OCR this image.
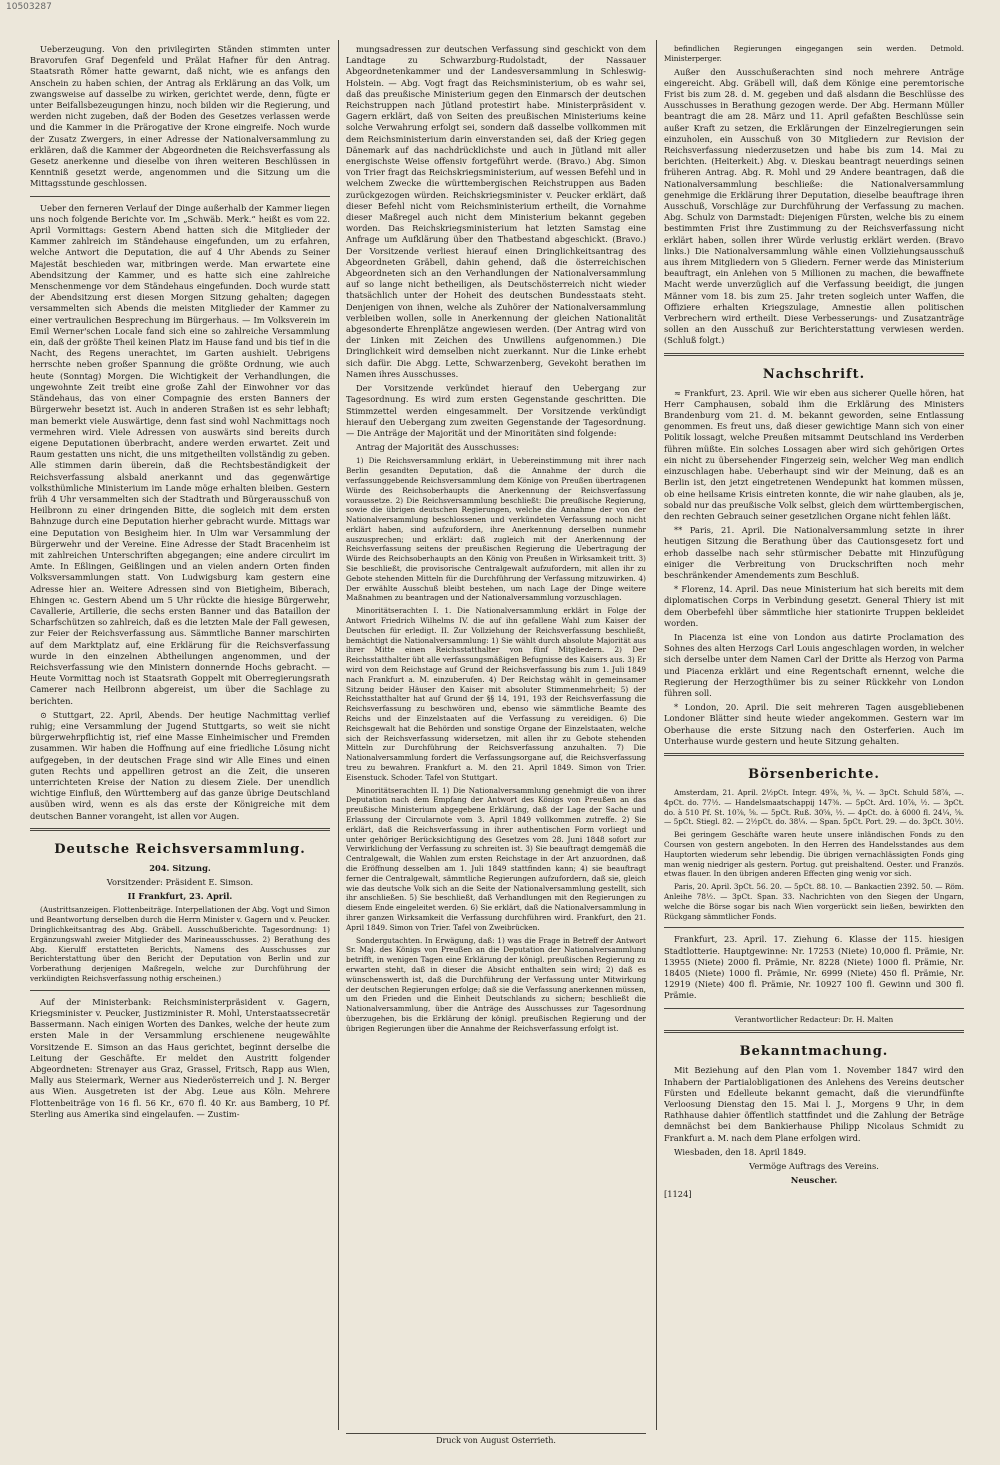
10503287

Ueberzeugung. Von den privilegirten Ständen stimmten unter Bravorufen Graf Degenfeld und Prälat Hafner für den Antrag. Staatsrath Römer hatte gewarnt, daß nicht, wie es anfangs den Anschein zu haben schien, der Antrag als Erklärung an das Volk, um zwangsweise auf dasselbe zu wirken, gerichtet werde, denn, fügte er unter Beifallsbezeugungen hinzu, noch bilden wir die Regierung, und werden nicht zugeben, daß der Boden des Gesetzes verlassen werde und die Kammer in die Prärogative der Krone eingreife. Noch wurde der Zusatz Zwergers, in einer Adresse der Nationalversammlung zu erklären, daß die Kammer der Abgeordneten die Reichsverfassung als Gesetz anerkenne und dieselbe von ihren weiteren Beschlüssen in Kenntniß gesetzt werde, angenommen und die Sitzung um die Mittagsstunde geschlossen.

Ueber den ferneren Verlauf der Dinge außerhalb der Kammer liegen uns noch folgende Berichte vor. Im „Schwäb. Merk.“ heißt es vom 22. April Vormittags: Gestern Abend hatten sich die Mitglieder der Kammer zahlreich im Ständehause eingefunden, um zu erfahren, welche Antwort die Deputation, die auf 4 Uhr Abends zu Seiner Majestät beschieden war, mitbringen werde. Man erwartete eine Abendsitzung der Kammer, und es hatte sich eine zahlreiche Menschenmenge vor dem Ständehaus eingefunden. Doch wurde statt der Abendsitzung erst diesen Morgen Sitzung gehalten; dagegen versammelten sich Abends die meisten Mitglieder der Kammer zu einer vertraulichen Besprechung im Bürgerhaus. — Im Volksverein im Emil Werner'schen Locale fand sich eine so zahlreiche Versammlung ein, daß der größte Theil keinen Platz im Hause fand und bis tief in die Nacht, des Regens unerachtet, im Garten aushielt. Uebrigens herrschte neben großer Spannung die größte Ordnung, wie auch heute (Sonntag) Morgen. Die Wichtigkeit der Verhandlungen, die ungewohnte Zeit treibt eine große Zahl der Einwohner vor das Ständehaus, das von einer Compagnie des ersten Banners der Bürgerwehr besetzt ist. Auch in anderen Straßen ist es sehr lebhaft; man bemerkt viele Auswärtige, denn fast sind wohl Nachmittags noch vermehren wird. Viele Adressen von auswärts sind bereits durch eigene Deputationen überbracht, andere werden erwartet. Zeit und Raum gestatten uns nicht, die uns mitgetheilten vollständig zu geben. Alle stimmen darin überein, daß die Rechtsbeständigkeit der Reichsverfassung alsbald anerkannt und das gegenwärtige volksthümliche Ministerium im Lande möge erhalten bleiben. Gestern früh 4 Uhr versammelten sich der Stadtrath und Bürgerausschuß von Heilbronn zu einer dringenden Bitte, die sogleich mit dem ersten Bahnzuge durch eine Deputation hierher gebracht wurde. Mittags war eine Deputation von Besigheim hier. In Ulm war Versammlung der Bürgerwehr und der Vereine. Eine Adresse der Stadt Bracenheim ist mit zahlreichen Unterschriften abgegangen; eine andere circulirt im Amte. In Eßlingen, Geißlingen und an vielen andern Orten finden Volksversammlungen statt. Von Ludwigsburg kam gestern eine Adresse hier an. Weitere Adressen sind von Bietigheim, Biberach, Ehingen ꝛc. Gestern Abend um 5 Uhr rückte die hiesige Bürgerwehr, Cavallerie, Artillerie, die sechs ersten Banner und das Bataillon der Scharfschützen so zahlreich, daß es die letzten Male der Fall gewesen, zur Feier der Reichsverfassung aus. Sämmtliche Banner marschirten auf dem Marktplatz auf, eine Erklärung für die Reichsverfassung wurde in den einzelnen Abtheilungen angenommen, und der Reichsverfassung wie den Ministern donnernde Hochs gebracht. — Heute Vormittag noch ist Staatsrath Goppelt mit Oberregierungsrath Camerer nach Heilbronn abgereist, um über die Sachlage zu berichten.

⊙ Stuttgart, 22. April, Abends. Der heutige Nachmittag verlief ruhig; eine Versammlung der Jugend Stuttgarts, so weit sie nicht bürgerwehrpflichtig ist, rief eine Masse Einheimischer und Fremden zusammen. Wir haben die Hoffnung auf eine friedliche Lösung nicht aufgegeben, in der deutschen Frage sind wir Alle Eines und einen guten Rechts und appelliren getrost an die Zeit, die unseren unterrichteten Kreise der Nation zu diesem Ziele. Der unendlich wichtige Einfluß, den Württemberg auf das ganze übrige Deutschland ausüben wird, wenn es als das erste der Königreiche mit dem deutschen Banner vorangeht, ist allen vor Augen.

Deutsche Reichsversammlung.

204. Sitzung.

Vorsitzender: Präsident E. Simson.

II Frankfurt, 23. April.

(Austrittsanzeigen. Flottenbeiträge. Interpellationen der Abg. Vogt und Simon und Beantwortung derselben durch die Herrn Minister v. Gagern und v. Peucker. Dringlichkeitsantrag des Abg. Gräbell. Ausschußberichte. Tagesordnung: 1) Ergänzungswahl zweier Mitglieder des Marineausschusses. 2) Berathung des Abg. Kierulff erstatteten Berichts, Namens des Ausschusses zur Berichterstattung über den Bericht der Deputation von Berlin und zur Vorberathung derjenigen Maßregeln, welche zur Durchführung der verkündigten Reichsverfassung nothig erscheinen.)

Auf der Ministerbank: Reichsministerpräsident v. Gagern, Kriegsminister v. Peucker, Justizminister R. Mohl, Unterstaatssecretär Bassermann. Nach einigen Worten des Dankes, welche der heute zum ersten Male in der Versammlung erschienene neugewählte Vorsitzende E. Simson an das Haus gerichtet, beginnt derselbe die Leitung der Geschäfte. Er meldet den Austritt folgender Abgeordneten: Strenayer aus Graz, Grassel, Fritsch, Rapp aus Wien, Mally aus Steiermark, Werner aus Niederösterreich und J. N. Berger aus Wien. Ausgetreten ist der Abg. Leue aus Köln. Mehrere Flottenbeiträge von 16 fl. 56 Kr., 670 fl. 40 Kr. aus Bamberg, 10 Pf. Sterling aus Amerika sind eingelaufen. — Zustim-

mungsadressen zur deutschen Verfassung sind geschickt von dem Landtage zu Schwarzburg-Rudolstadt, der Nassauer Abgeordnetenkammer und der Landesversammlung in Schleswig-Holstein. — Abg. Vogt fragt das Reichsministerium, ob es wahr sei, daß das preußische Ministerium gegen den Einmarsch der deutschen Reichstruppen nach Jütland protestirt habe. Ministerpräsident v. Gagern erklärt, daß von Seiten des preußischen Ministeriums keine solche Verwahrung erfolgt sei, sondern daß dasselbe vollkommen mit dem Reichsministerium darin einverstanden sei, daß der Krieg gegen Dänemark auf das nachdrücklichste und auch in Jütland mit aller energischste Weise offensiv fortgeführt werde. (Bravo.) Abg. Simon von Trier fragt das Reichskriegsministerium, auf wessen Befehl und in welchem Zwecke die württembergischen Reichstruppen aus Baden zurückgezogen würden. Reichskriegsminister v. Peucker erklärt, daß dieser Befehl nicht vom Reichsministerium ertheilt, die Vornahme dieser Maßregel auch nicht dem Ministerium bekannt gegeben worden. Das Reichskriegsministerium hat letzten Samstag eine Anfrage um Aufklärung über den Thatbestand abgeschickt. (Bravo.) Der Vorsitzende verliest hierauf einen Dringlichkeitsantrag des Abgeordneten Gräbell, dahin gehend, daß die österreichischen Abgeordneten sich an den Verhandlungen der Nationalversammlung auf so lange nicht betheiligen, als Deutschösterreich nicht wieder thatsächlich unter der Hoheit des deutschen Bundesstaats steht. Denjenigen von ihnen, welche als Zuhörer der Nationalversammlung verbleiben wollen, solle in Anerkennung der gleichen Nationalität abgesonderte Ehrenplätze angewiesen werden. (Der Antrag wird von der Linken mit Zeichen des Unwillens aufgenommen.) Die Dringlichkeit wird demselben nicht zuerkannt. Nur die Linke erhebt sich dafür. Die Abgg. Lette, Schwarzenberg, Gevekoht berathen im Namen ihres Ausschusses.

Der Vorsitzende verkündet hierauf den Uebergang zur Tagesordnung. Es wird zum ersten Gegenstande geschritten. Die Stimmzettel werden eingesammelt. Der Vorsitzende verkündigt hierauf den Uebergang zum zweiten Gegenstande der Tagesordnung. — Die Anträge der Majorität und der Minoritäten sind folgende:

Antrag der Majorität des Ausschusses:

1) Die Reichsversammlung erklärt, in Uebereinstimmung mit ihrer nach Berlin gesandten Deputation, daß die Annahme der durch die verfassunggebende Reichsversammlung dem Könige von Preußen übertragenen Würde des Reichsoberhaupts die Anerkennung der Reichsverfassung voraussetze. 2) Die Reichsversammlung beschließt: Die preußische Regierung, sowie die übrigen deutschen Regierungen, welche die Annahme der von der Nationalversammlung beschlossenen und verkündeten Verfassung noch nicht erklärt haben, sind aufzufordern, ihre Anerkennung derselben nunmehr auszusprechen; und erklärt: daß zugleich mit der Anerkennung der Reichsverfassung seitens der preußischen Regierung die Uebertragung der Würde des Reichsoberhaupts an den König von Preußen in Wirksamkeit tritt. 3) Sie beschließt, die provisorische Centralgewalt aufzufordern, mit allen ihr zu Gebote stehenden Mitteln für die Durchführung der Verfassung mitzuwirken. 4) Der erwählte Ausschuß bleibt bestehen, um nach Lage der Dinge weitere Maßnahmen zu beantragen und der Nationalversammlung vorzuschlagen.

Minoritätserachten I. 1. Die Nationalversammlung erklärt in Folge der Antwort Friedrich Wilhelms IV. die auf ihn gefallene Wahl zum Kaiser der Deutschen für erledigt. II. Zur Vollziehung der Reichsverfassung beschließt, bemächtigt die Nationalversammlung: 1) Sie wählt durch absolute Majorität aus ihrer Mitte einen Reichsstatthalter von fünf Mitgliedern. 2) Der Reichsstatthalter übt alle verfassungsmäßigen Befugnisse des Kaisers aus. 3) Er wird von dem Reichstage auf Grund der Reichsverfassung bis zum 1. Juli 1849 nach Frankfurt a. M. einzuberufen. 4) Der Reichstag wählt in gemeinsamer Sitzung beider Häuser den Kaiser mit absoluter Stimmenmehrheit; 5) der Reichsstatthalter hat auf Grund der §§ 14, 191, 193 der Reichsverfassung die Reichsverfassung zu beschwören und, ebenso wie sämmtliche Beamte des Reichs und der Einzelstaaten auf die Verfassung zu vereidigen. 6) Die Reichsgewalt hat die Behörden und sonstige Organe der Einzelstaaten, welche sich der Reichsverfassung widersetzen, mit allen ihr zu Gebote stehenden Mitteln zur Durchführung der Reichsverfassung anzuhalten. 7) Die Nationalversammlung fordert die Verfassungsorgane auf, die Reichsverfassung treu zu bewahren. Frankfurt a. M. den 21. April 1849. Simon von Trier. Eisenstuck. Schoder. Tafel von Stuttgart.

Minoritätserachten II. 1) Die Nationalversammlung genehmigt die von ihrer Deputation nach dem Empfang der Antwort des Königs von Preußen an das preußische Ministerium abgegebene Erklärung, daß der Lage der Sache und Erlassung der Circularnote vom 3. April 1849 vollkommen zutreffe. 2) Sie erklärt, daß die Reichsverfassung in ihrer authentischen Form vorliegt und unter gehöriger Berücksichtigung des Gesetzes vom 28. Juni 1848 sofort zur Verwirklichung der Verfassung zu schreiten ist. 3) Sie beauftragt demgemäß die Centralgewalt, die Wahlen zum ersten Reichstage in der Art anzuordnen, daß die Eröffnung desselben am 1. Juli 1849 stattfinden kann; 4) sie beauftragt ferner die Centralgewalt, sämmtliche Regierungen aufzufordern, daß sie, gleich wie das deutsche Volk sich an die Seite der Nationalversammlung gestellt, sich ihr anschließen. 5) Sie beschließt, daß Verhandlungen mit den Regierungen zu diesem Ende eingeleitet werden. 6) Sie erklärt, daß die Nationalversammlung in ihrer ganzen Wirksamkeit die Verfassung durchführen wird. Frankfurt, den 21. April 1849. Simon von Trier. Tafel von Zweibrücken.

Sondergutachten. In Erwägung, daß: 1) was die Frage in Betreff der Antwort Sr. Maj. des Königs von Preußen an die Deputation der Nationalversammlung betrifft, in wenigen Tagen eine Erklärung der königl. preußischen Regierung zu erwarten steht, daß in dieser die Absicht enthalten sein wird; 2) daß es wünschenswerth ist, daß die Durchführung der Verfassung unter Mitwirkung der deutschen Regierungen erfolge; daß sie die Verfassung anerkennen müssen, um den Frieden und die Einheit Deutschlands zu sichern; beschließt die Nationalversammlung, über die Anträge des Ausschusses zur Tagesordnung überzugehen, bis die Erklärung der königl. preußischen Regierung und der übrigen Regierungen über die Annahme der Reichsverfassung erfolgt ist.

befindlichen Regierungen eingegangen sein werden. Detmold. Ministerperger.

Außer den Ausschußerachten sind noch mehrere Anträge eingereicht. Abg. Gräbell will, daß dem Könige eine peremtorische Frist bis zum 28. d. M. gegeben und daß alsdann die Beschlüsse des Ausschusses in Berathung gezogen werde. Der Abg. Hermann Müller beantragt die am 28. März und 11. April gefaßten Beschlüsse sein außer Kraft zu setzen, die Erklärungen der Einzelregierungen sein einzuholen, ein Ausschuß von 30 Mitgliedern zur Revision der Reichsverfassung niederzusetzen und habe bis zum 14. Mai zu berichten. (Heiterkeit.) Abg. v. Dieskau beantragt neuerdings seinen früheren Antrag. Abg. R. Mohl und 29 Andere beantragen, daß die Nationalversammlung beschließe: die Nationalversammlung genehmige die Erklärung ihrer Deputation, dieselbe beauftrage ihren Ausschuß, Vorschläge zur Durchführung der Verfassung zu machen. Abg. Schulz von Darmstadt: Diejenigen Fürsten, welche bis zu einem bestimmten Frist ihre Zustimmung zu der Reichsverfassung nicht erklärt haben, sollen ihrer Würde verlustig erklärt werden. (Bravo links.) Die Nationalversammlung wähle einen Vollziehungsausschuß aus ihrem Mitgliedern von 5 Gliedern. Ferner werde das Ministerium beauftragt, ein Anlehen von 5 Millionen zu machen, die bewaffnete Macht werde unverzüglich auf die Verfassung beeidigt, die jungen Männer vom 18. bis zum 25. Jahr treten sogleich unter Waffen, die Offiziere erhalten Kriegszulage, Amnestie allen politischen Verbrechern wird ertheilt. Diese Verbesserungs- und Zusatzanträge sollen an den Ausschuß zur Berichterstattung verwiesen werden. (Schluß folgt.)

Nachschrift.

≈ Frankfurt, 23. April. Wie wir eben aus sicherer Quelle hören, hat Herr Camphausen, sobald ihm die Erklärung des Ministers Brandenburg vom 21. d. M. bekannt geworden, seine Entlassung genommen. Es freut uns, daß dieser gewichtige Mann sich von einer Politik lossagt, welche Preußen mitsammt Deutschland ins Verderben führen müßte. Ein solches Lossagen aber wird sich gehörigen Ortes ein nicht zu übersehender Fingerzeig sein, welcher Weg man endlich einzuschlagen habe. Ueberhaupt sind wir der Meinung, daß es an Berlin ist, den jetzt eingetretenen Wendepunkt hat kommen müssen, ob eine heilsame Krisis eintreten konnte, die wir nahe glauben, als je, sobald nur das preußische Volk selbst, gleich dem württembergischen, den rechten Gebrauch seiner gesetzlichen Organe nicht fehlen läßt.

** Paris, 21. April. Die Nationalversammlung setzte in ihrer heutigen Sitzung die Berathung über das Cautionsgesetz fort und erhob dasselbe nach sehr stürmischer Debatte mit Hinzufügung einiger die Verbreitung von Druckschriften noch mehr beschränkender Amendements zum Beschluß.

* Florenz, 14. April. Das neue Ministerium hat sich bereits mit dem diplomatischen Corps in Verbindung gesetzt. General Thiery ist mit dem Oberbefehl über sämmtliche hier stationirte Truppen bekleidet worden.

In Piacenza ist eine von London aus datirte Proclamation des Sohnes des alten Herzogs Carl Louis angeschlagen worden, in welcher sich derselbe unter dem Namen Carl der Dritte als Herzog von Parma und Piacenza erklärt und eine Regentschaft ernennt, welche die Regierung der Herzogthümer bis zu seiner Rückkehr von London führen soll.

* London, 20. April. Die seit mehreren Tagen ausgebliebenen Londoner Blätter sind heute wieder angekommen. Gestern war im Oberhause die erste Sitzung nach den Osterferien. Auch im Unterhause wurde gestern und heute Sitzung gehalten.

Börsenberichte.

Amsterdam, 21. April. 2½pCt. Integr. 49⅞, ⅜, ¼. — 3pCt. Schuld 58⅞, —. 4pCt. do. 77½. — Handelsmaatschappij 147⅜. — 5pCt. Ard. 10⅞, ½. — 3pCt. do. à 510 Pf. St. 10⅞, ⅝. — 5pCt. Ruß. 30⅝, ½. — 4pCt. do. à 6000 fl. 24¼, ⅝. — 5pCt. Stiegl. 82. — 2½pCt. do. 38¼. — Span. 5pCt. Port. 29. — do. 3pCt. 30½.

Bei geringem Geschäfte waren heute unsere inländischen Fonds zu den Coursen von gestern angeboten. In den Herren des Handelsstandes aus dem Hauptorten wiederum sehr lebendig. Die übrigen vernachlässigten Fonds ging man wenig niedriger als gestern. Portug. gut preishaltend. Oester. und Französ. etwas flauer. In den übrigen anderen Effecten ging wenig vor sich.

Paris, 20. April. 3pCt. 56. 20. — 5pCt. 88. 10. — Bankactien 2392. 50. — Röm. Anleihe 78½. — 3pCt. Span. 33. Nachrichten von den Siegen der Ungarn, welche die Börse sogar bis nach Wien vorgerückt sein ließen, bewirkten den Rückgang sämmtlicher Fonds.

Frankfurt, 23. April. 17. Ziehung 6. Klasse der 115. hiesigen Stadtlotterie. Hauptgewinne: Nr. 17253 (Niete) 10,000 fl. Prämie, Nr. 13955 (Niete) 2000 fl. Prämie, Nr. 8228 (Niete) 1000 fl. Prämie, Nr. 18405 (Niete) 1000 fl. Prämie, Nr. 6999 (Niete) 450 fl. Prämie, Nr. 12919 (Niete) 400 fl. Prämie, Nr. 10927 100 fl. Gewinn und 300 fl. Prämie.

Verantwortlicher Redacteur: Dr. H. Malten

Bekanntmachung.

Mit Beziehung auf den Plan vom 1. November 1847 wird den Inhabern der Partialobligationen des Anlehens des Vereins deutscher Fürsten und Edelleute bekannt gemacht, daß die vierundfünfte Verloosung Dienstag den 15. Mai l. J., Morgens 9 Uhr, in dem Rathhause dahier öffentlich stattfindet und die Zahlung der Beträge demnächst bei dem Bankierhause Philipp Nicolaus Schmidt zu Frankfurt a. M. nach dem Plane erfolgen wird.

Wiesbaden, den 18. April 1849.

Vermöge Auftrags des Vereins.

Neuscher.

[1124]

Druck von August Osterrieth.
